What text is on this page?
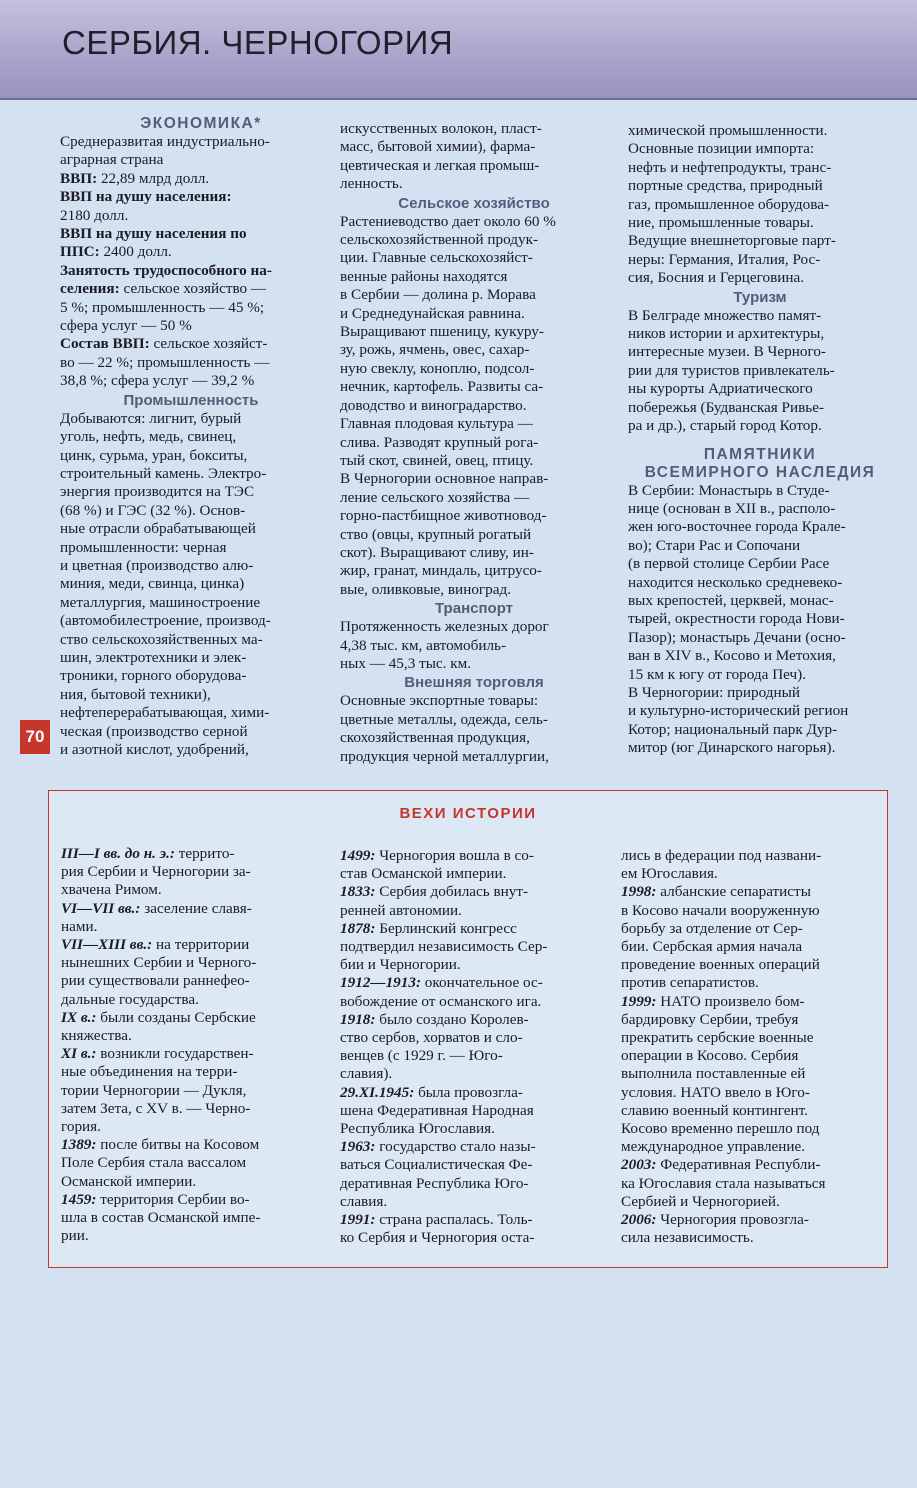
СЕРБИЯ. ЧЕРНОГОРИЯ
70
ЭКОНОМИКА*

Среднеразвитая индустриально-

аграрная страна

ВВП: 22,89 млрд долл.

ВВП на душу населения:

2180 долл.

ВВП на душу населения по

ППС: 2400 долл.

Занятость трудоспособного на-

селения: сельское хозяйство —

5 %; промышленность — 45 %;

сфера услуг — 50 %

Состав ВВП: сельское хозяйст-

во — 22 %; промышленность —

38,8 %; сфера услуг — 39,2 %

Промышленность

Добываются: лигнит, бурый

уголь, нефть, медь, свинец,

цинк, сурьма, уран, бокситы,

строительный камень. Электро-

энергия производится на ТЭС

(68 %) и ГЭС (32 %). Основ-

ные отрасли обрабатывающей

промышленности: черная

и цветная (производство алю-

миния, меди, свинца, цинка)

металлургия, машиностроение

(автомобилестроение, производ-

ство сельскохозяйственных ма-

шин, электротехники и элек-

троники, горного оборудова-

ния, бытовой техники),

нефтеперерабатывающая, хими-

ческая (производство серной

и азотной кислот, удобрений,

искусственных волокон, пласт-

масс, бытовой химии), фарма-

цевтическая и легкая промыш-

ленность.

Сельское хозяйство

Растениеводство дает около 60 %

сельскохозяйственной продук-

ции. Главные сельскохозяйст-

венные районы находятся

в Сербии — долина р. Морава

и Среднедунайская равнина.

Выращивают пшеницу, кукуру-

зу, рожь, ячмень, овес, сахар-

ную свеклу, коноплю, подсол-

нечник, картофель. Развиты са-

доводство и виноградарство.

Главная плодовая культура —

слива. Разводят крупный рога-

тый скот, свиней, овец, птицу.

В Черногории основное направ-

ление сельского хозяйства —

горно-пастбищное животновод-

ство (овцы, крупный рогатый

скот). Выращивают сливу, ин-

жир, гранат, миндаль, цитрусо-

вые, оливковые, виноград.

Транспорт

Протяженность железных дорог

4,38 тыс. км, автомобиль-

ных — 45,3 тыс. км.

Внешняя торговля

Основные экспортные товары:

цветные металлы, одежда, сель-

скохозяйственная продукция,

продукция черной металлургии,

химической промышленности.

Основные позиции импорта:

нефть и нефтепродукты, транс-

портные средства, природный

газ, промышленное оборудова-

ние, промышленные товары.

Ведущие внешнеторговые парт-

неры: Германия, Италия, Рос-

сия, Босния и Герцеговина.

Туризм

В Белграде множество памят-

ников истории и архитектуры,

интересные музеи. В Черного-

рии для туристов привлекатель-

ны курорты Адриатического

побережья (Будванская Ривье-

ра и др.), старый город Котор.

ПАМЯТНИКИ
ВСЕМИРНОГО НАСЛЕДИЯ

В Сербии: Монастырь в Студе-

нице (основан в XII в., располо-

жен юго-восточнее города Крале-

во); Стари Рас и Сопочани

(в первой столице Сербии Расе

находится несколько средневеко-

вых крепостей, церквей, монас-

тырей, окрестности города Нови-

Пазор); монастырь Дечани (осно-

ван в XIV в., Косово и Метохия,

15 км к югу от города Печ).

В Черногории: природный

и культурно-исторический регион

Котор; национальный парк Дур-

митор (юг Динарского нагорья).

ВЕХИ ИСТОРИИ

III—I вв. до н. э.: террито-

рия Сербии и Черногории за-

хвачена Римом.

VI—VII вв.: заселение славя-

нами.

VII—XIII вв.: на территории

нынешних Сербии и Черного-

рии существовали раннефео-

дальные государства.

IX в.: были созданы Сербские

княжества.

XI в.: возникли государствен-

ные объединения на терри-

тории Черногории — Дукля,

затем Зета, с XV в. — Черно-

гория.

1389: после битвы на Косовом

Поле Сербия стала вассалом

Османской империи.

1459: территория Сербии во-

шла в состав Османской импе-

рии.

1499: Черногория вошла в со-

став Османской империи.

1833: Сербия добилась внут-

ренней автономии.

1878: Берлинский конгресс

подтвердил независимость Сер-

бии и Черногории.

1912—1913: окончательное ос-

вобождение от османского ига.

1918: было создано Королев-

ство сербов, хорватов и сло-

венцев (с 1929 г. — Юго-

славия).

29.XI.1945: была провозгла-

шена Федеративная Народная

Республика Югославия.

1963: государство стало назы-

ваться Социалистическая Фе-

деративная Республика Юго-

славия.

1991: страна распалась. Толь-

ко Сербия и Черногория оста-

лись в федерации под названи-

ем Югославия.

1998: албанские сепаратисты

в Косово начали вооруженную

борьбу за отделение от Сер-

бии. Сербская армия начала

проведение военных операций

против сепаратистов.

1999: НАТО произвело бом-

бардировку Сербии, требуя

прекратить сербские военные

операции в Косово. Сербия

выполнила поставленные ей

условия. НАТО ввело в Юго-

славию военный контингент.

Косово временно перешло под

международное управление.

2003: Федеративная Республи-

ка Югославия стала называться

Сербией и Черногорией.

2006: Черногория провозгла-

сила независимость.
